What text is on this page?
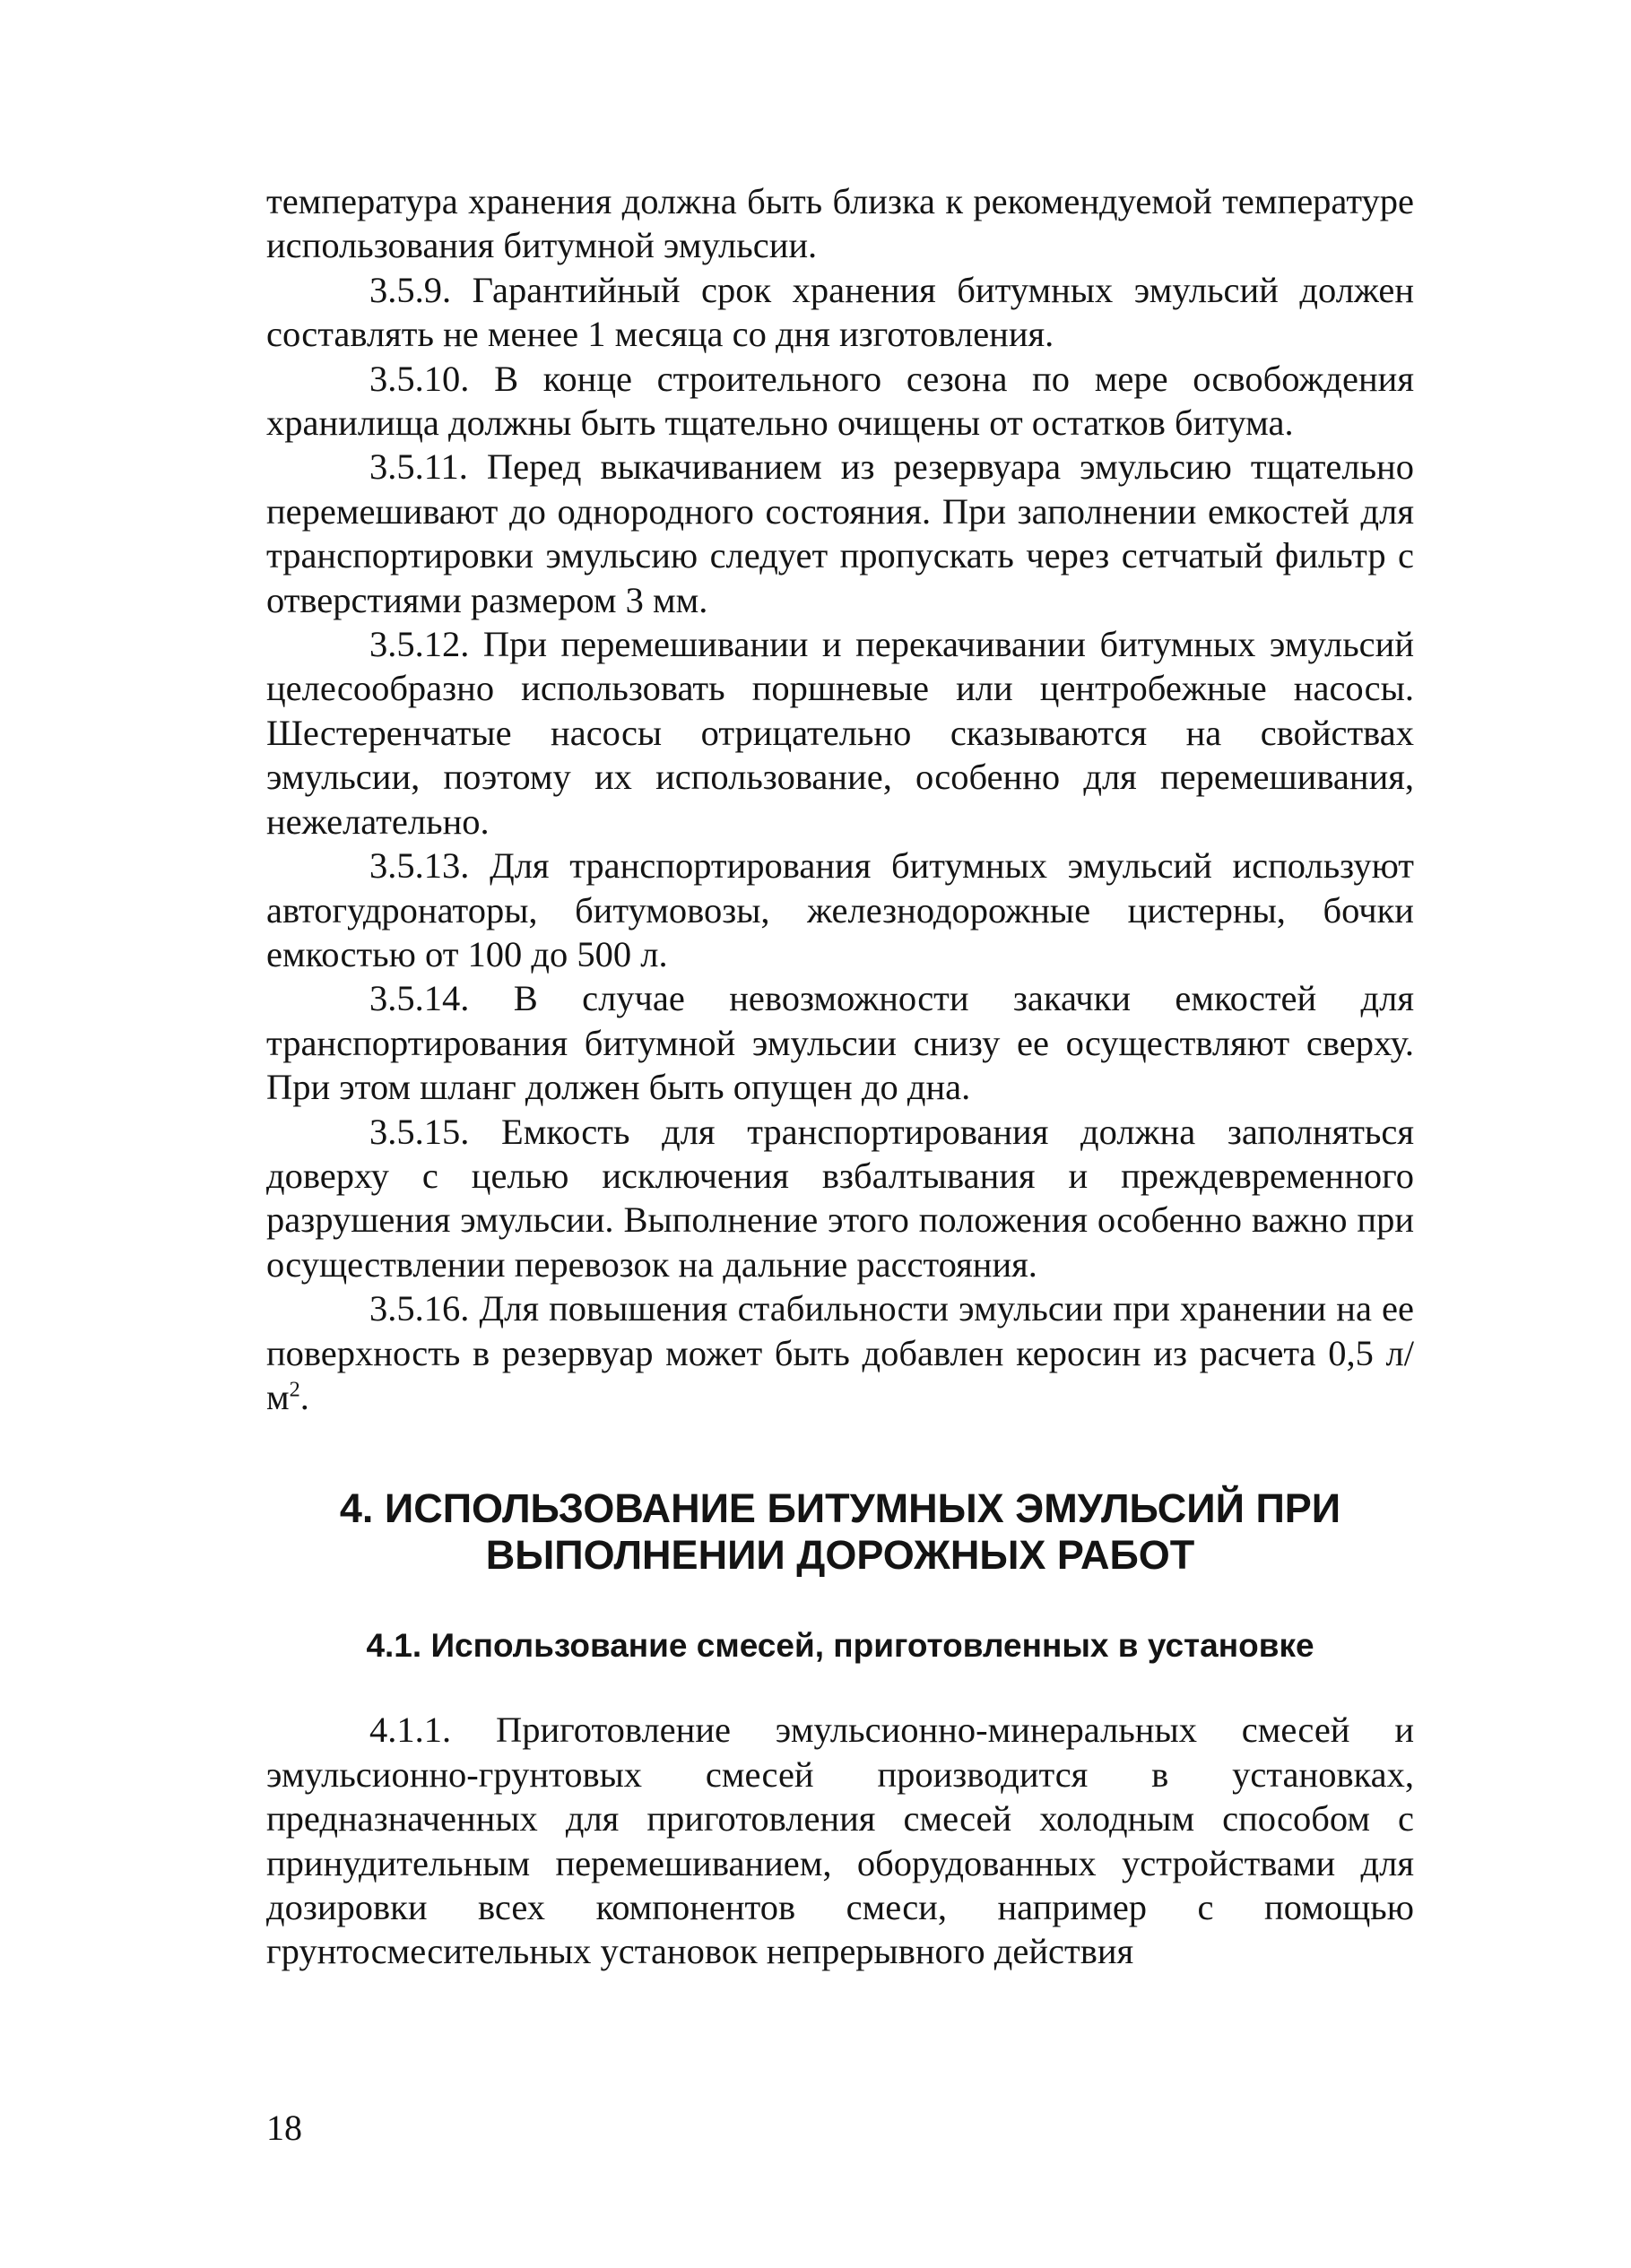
температура хранения должна быть близка к рекомендуемой температуре использования битумной эмульсии.

3.5.9. Гарантийный срок хранения битумных эмульсий должен составлять не менее 1 месяца со дня изготовления.

3.5.10. В конце строительного сезона по мере освобождения хранилища должны быть тщательно очищены от остатков битума.

3.5.11. Перед выкачиванием из резервуара эмульсию тщательно перемешивают до однородного состояния. При заполнении емкостей для транспортировки эмульсию следует пропускать через сетчатый фильтр с отверстиями размером 3 мм.

3.5.12. При перемешивании и перекачивании битумных эмульсий целесообразно использовать поршневые или центробежные насосы. Шестеренчатые насосы отрицательно сказываются на свойствах эмульсии, поэтому их использование, особенно для перемешивания, нежелательно.

3.5.13. Для транспортирования битумных эмульсий используют автогудронаторы, битумовозы, железнодорожные цистерны, бочки емкостью от 100 до 500 л.

3.5.14. В случае невозможности закачки емкостей для транспортирования битумной эмульсии снизу ее осуществляют сверху. При этом шланг должен быть опущен до дна.

3.5.15. Емкость для транспортирования должна заполняться доверху с целью исключения взбалтывания и преждевременного разрушения эмульсии. Выполнение этого положения особенно важно при осуществлении перевозок на дальние расстояния.

3.5.16. Для повышения стабильности эмульсии при хранении на ее поверхность в резервуар может быть добавлен керосин из расчета 0,5 $л/м^2$.

4. ИСПОЛЬЗОВАНИЕ БИТУМНЫХ ЭМУЛЬСИЙ ПРИ
ВЫПОЛНЕНИИ ДОРОЖНЫХ РАБОТ
4.1. Использование смесей, приготовленных в установке

4.1.1. Приготовление эмульсионно-минеральных смесей и эмульсионно-грунтовых смесей производится в установках, предназначенных для приготовления смесей холодным способом с принудительным перемешиванием, оборудованных устройствами для дозировки всех компонентов смеси, например с помощью грунтосмесительных установок непрерывного действия

18
